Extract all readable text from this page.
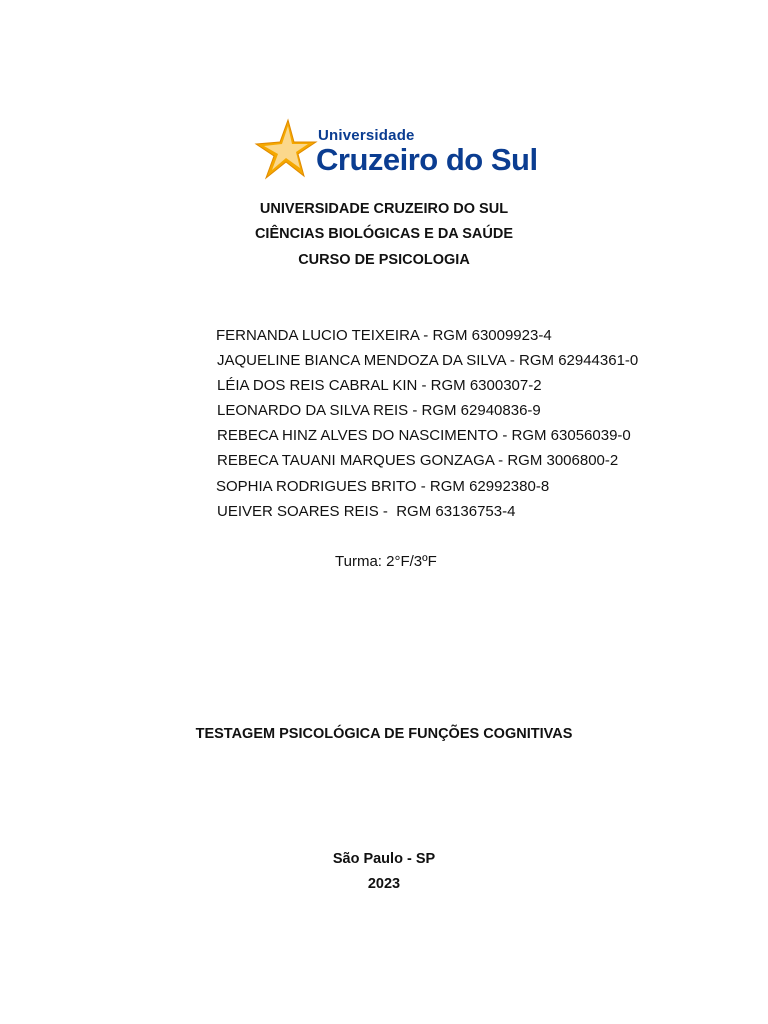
Universidade
Cruzeiro do Sul
UNIVERSIDADE CRUZEIRO DO SUL
CIÊNCIAS BIOLÓGICAS E DA SAÚDE
CURSO DE PSICOLOGIA
FERNANDA LUCIO TEIXEIRA - RGM 63009923-4
JAQUELINE BIANCA MENDOZA DA SILVA - RGM 62944361-0
LÉIA DOS REIS CABRAL KIN - RGM 6300307-2
LEONARDO DA SILVA REIS - RGM 62940836-9
REBECA HINZ ALVES DO NASCIMENTO - RGM 63056039-0
REBECA TAUANI MARQUES GONZAGA - RGM 3006800-2
SOPHIA RODRIGUES BRITO - RGM 62992380-8
UEIVER SOARES REIS -  RGM 63136753-4
Turma: 2°F/3ºF
TESTAGEM PSICOLÓGICA DE FUNÇÕES COGNITIVAS
São Paulo - SP
2023
